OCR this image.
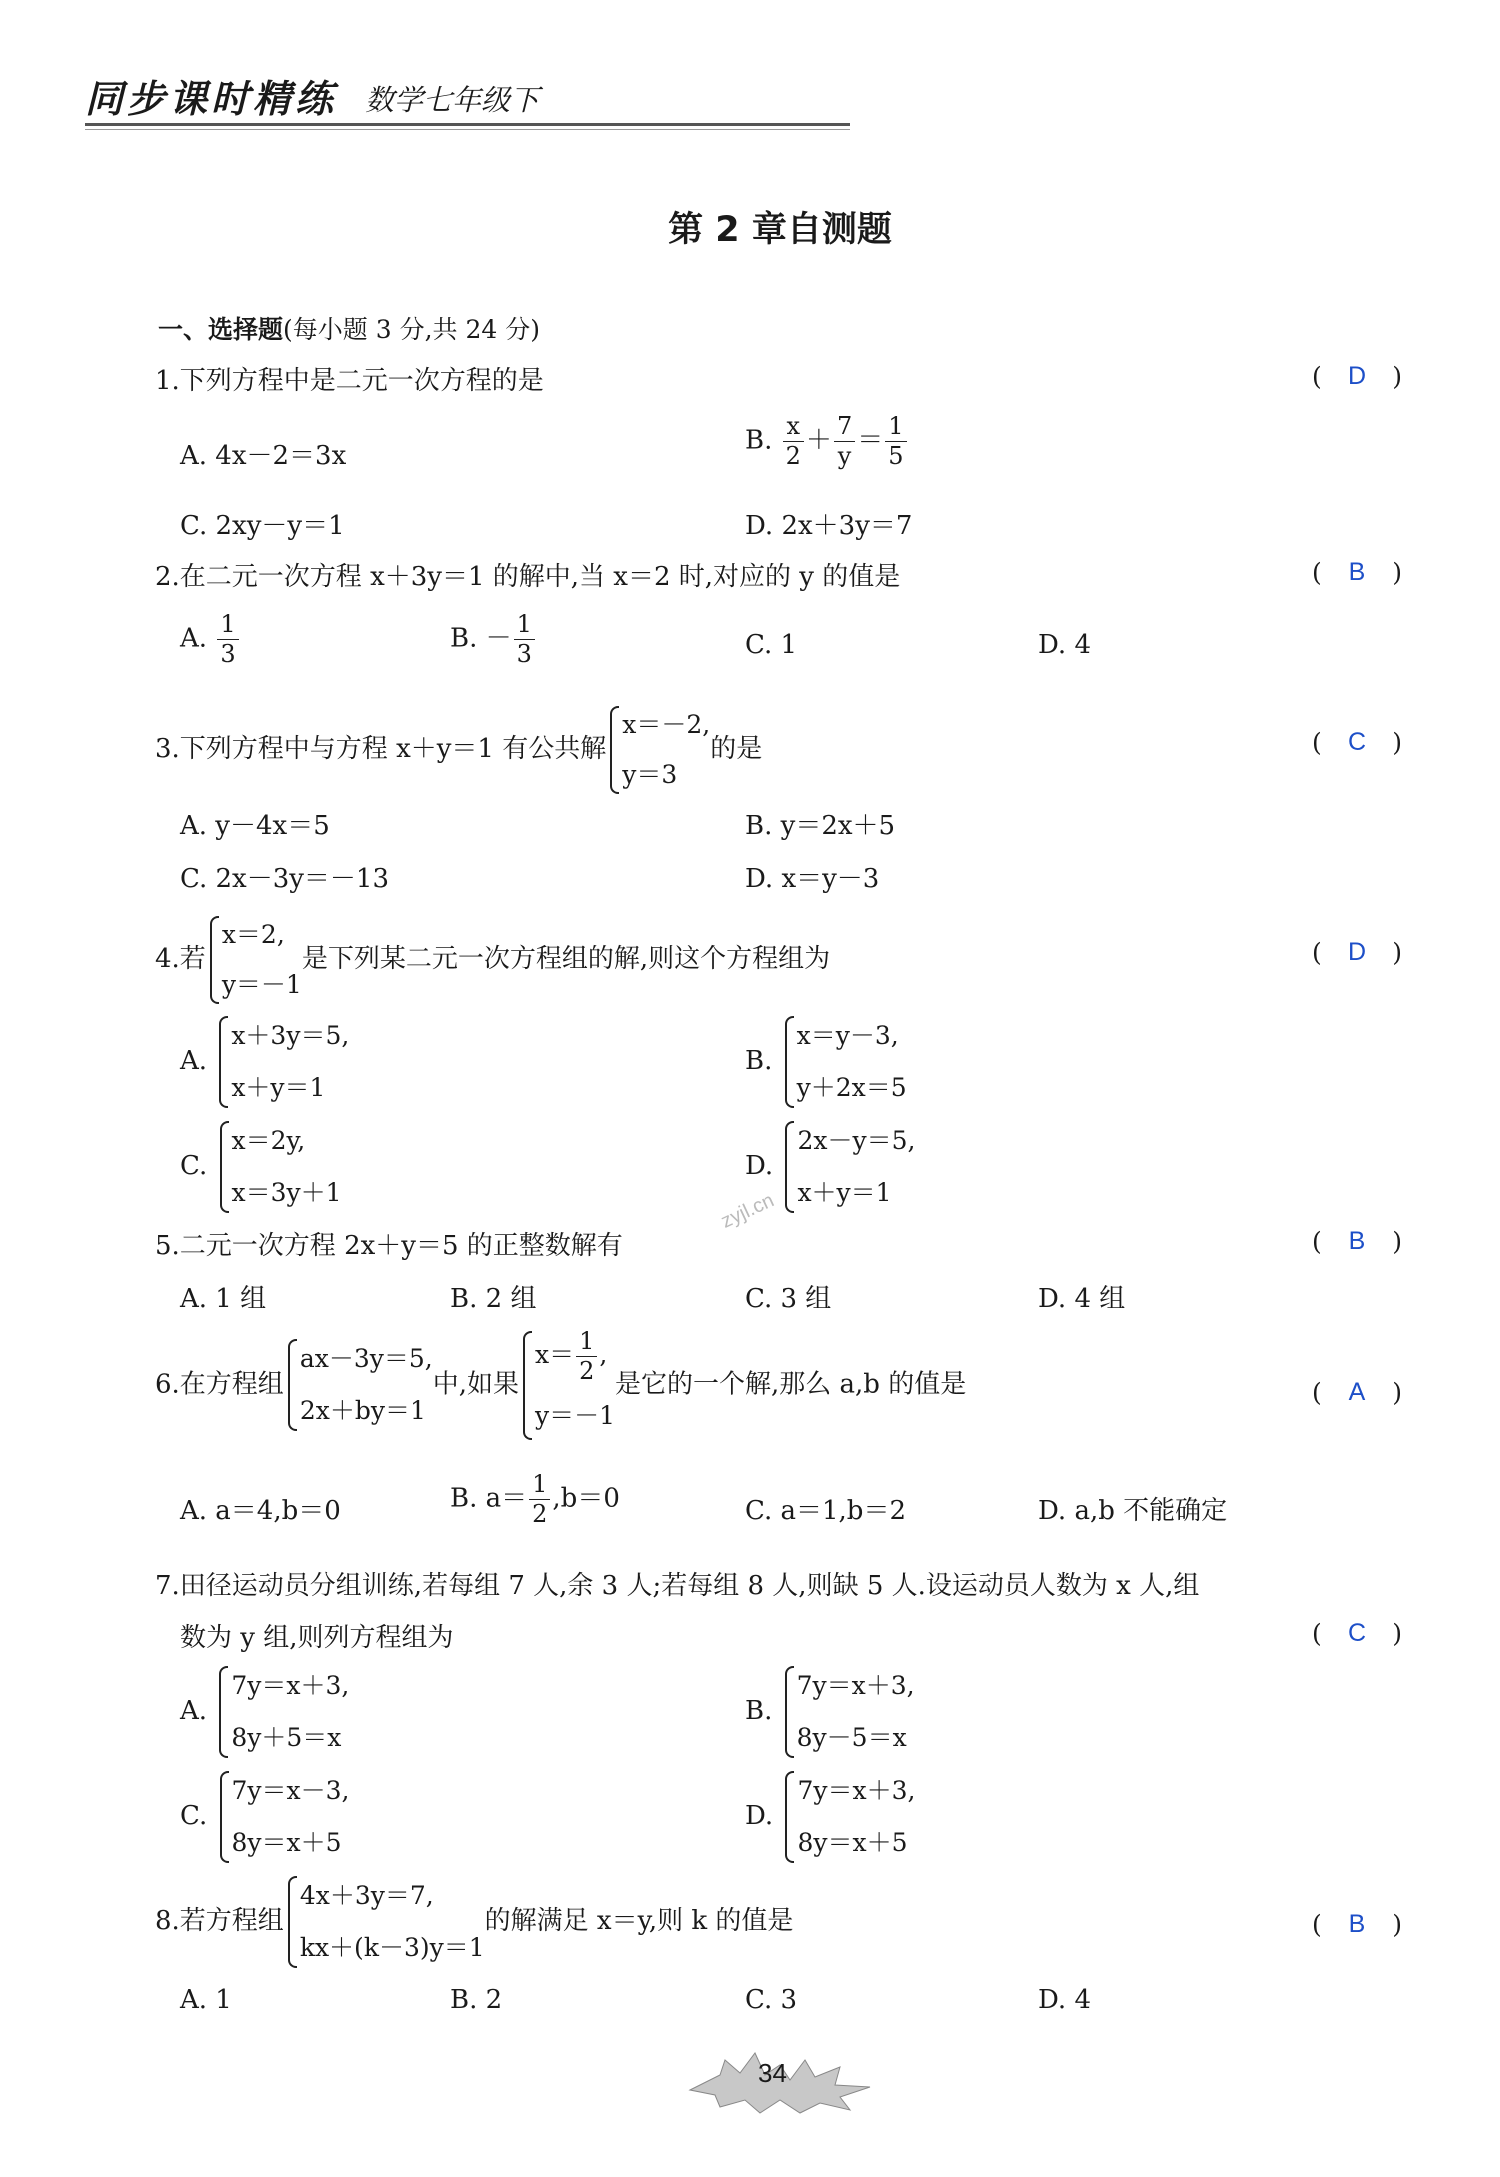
同步课时精练 数学七年级下
第 2 章自测题
一、选择题(每小题 3 分,共 24 分)
1.下列方程中是二元一次方程的是	(	D	)
A. 4x－2＝3x
B. $\frac{x}{2} + \frac{7}{y} = \frac{1}{5}$
C. 2xy－y＝1	D. 2x＋3y＝7
2.在二元一次方程 x＋3y＝1 的解中,当 x＝2 时,对应的 y 的值是	(	B	)
A. $\frac{1}{3}$	B. － $\frac{1}{3}$	C. 1	D. 4
3.下列方程中与方程 x＋y＝1 有公共解
x＝－2,
y＝3
的是	(	C	)
A. y－4x＝5	B. y＝2x＋5
C. 2x－3y＝－13	D. x＝y－3
4.若
x＝2,
y＝－1
是下列某二元一次方程组的解,则这个方程组为	(	D	)
A.
x＋3y＝5,
x＋y＝1
B.
x＝y－3,
y＋2x＝5
C.
x＝2y,
x＝3y＋1
D.
2x－y＝5,
x＋y＝1
zyjl.cn
5.二元一次方程 2x＋y＝5 的正整数解有	(	B	)
A. 1 组	B. 2 组	C. 3 组	D. 4 组
6.在方程组
ax－3y＝5,
2x＋by＝1
中,如果
$x= \frac{1}{2}$ ,
y＝－1
是它的一个解,那么 a,b 的值是	(	A	)
A. a＝4,b＝0	B. $a= \frac{1}{2} ,b=0$	C. a＝1,b＝2	D. a,b 不能确定
7.田径运动员分组训练,若每组 7 人,余 3 人;若每组 8 人,则缺 5 人.设运动员人数为 x 人,组
数为 y 组,则列方程组为	(	C	)
A.
7y＝x＋3,
8y＋5＝x
B.
7y＝x＋3,
8y－5＝x
C.
7y＝x－3,
8y＝x＋5
D.
7y＝x＋3,
8y＝x＋5
8.若方程组
4x＋3y＝7,
kx＋(k－3)y＝1
的解满足 x＝y,则 k 的值是	(	B	)
A. 1	B. 2	C. 3	D. 4
34
